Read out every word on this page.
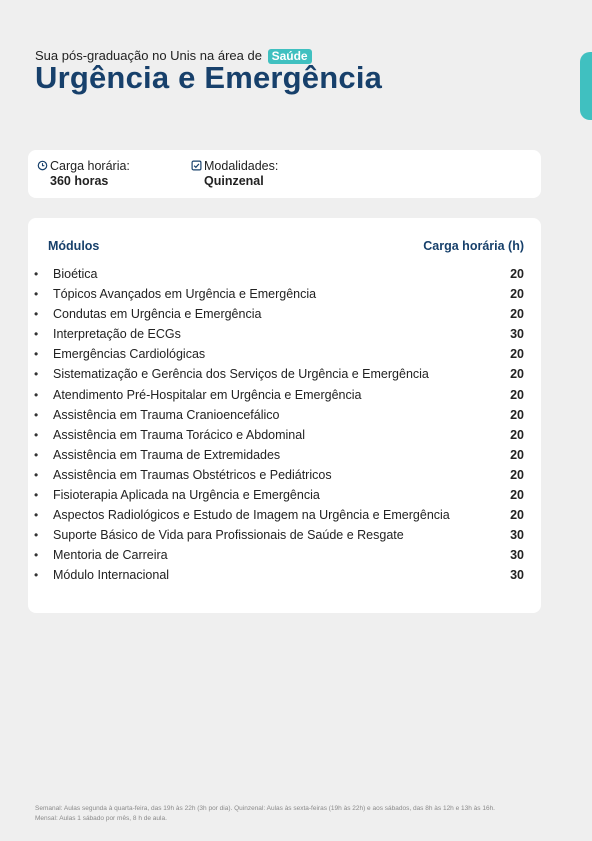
Sua pós-graduação no Unis na área de Saúde
Urgência e Emergência
Carga horária:
360 horas
Modalidades:
Quinzenal
Módulos	Carga horária (h)
• Bioética	20
• Tópicos Avançados em Urgência e Emergência	20
• Condutas em Urgência e Emergência	20
• Interpretação de ECGs	30
• Emergências Cardiológicas	20
• Sistematização e Gerência dos Serviços de Urgência e Emergência	20
• Atendimento Pré-Hospitalar em Urgência e Emergência	20
• Assistência em Trauma Cranioencefálico	20
• Assistência em Trauma Torácico e Abdominal	20
• Assistência em Trauma de Extremidades	20
• Assistência em Traumas Obstétricos e Pediátricos	20
• Fisioterapia Aplicada na Urgência e Emergência	20
• Aspectos Radiológicos e Estudo de Imagem na Urgência e Emergência	20
• Suporte Básico de Vida para Profissionais de Saúde e Resgate	30
• Mentoria de Carreira	30
• Módulo Internacional	30
Semanal: Aulas segunda à quarta-feira, das 19h às 22h (3h por dia). Quinzenal: Aulas às sexta-feiras (19h às 22h) e aos sábados, das 8h às 12h e 13h às 16h.
Mensal: Aulas 1 sábado por mês, 8 h de aula.
